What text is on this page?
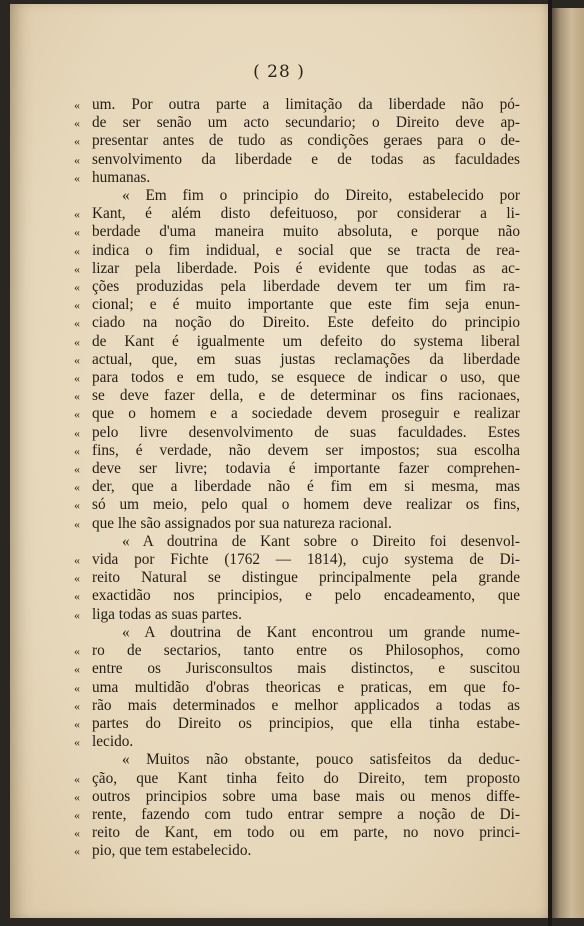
( 28 )
« um. Por outra parte a limitação da liberdade não pó-
« de ser senão um acto secundario; o Direito deve ap-
« presentar antes de tudo as condições geraes para o de-
« senvolvimento da liberdade e de todas as faculdades
« humanas.
« Em fim o principio do Direito, estabelecido por
« Kant, é além disto defeituoso, por considerar a li-
« berdade d'uma maneira muito absoluta, e porque não
« indica o fim indidual, e social que se tracta de rea-
« lizar pela liberdade. Pois é evidente que todas as ac-
« ções produzidas pela liberdade devem ter um fim ra-
« cional; e é muito importante que este fim seja enun-
« ciado na noção do Direito. Este defeito do principio
« de Kant é igualmente um defeito do systema liberal
« actual, que, em suas justas reclamações da liberdade
« para todos e em tudo, se esquece de indicar o uso, que
« se deve fazer della, e de determinar os fins racionaes,
« que o homem e a sociedade devem proseguir e realizar
« pelo livre desenvolvimento de suas faculdades. Estes
« fins, é verdade, não devem ser impostos; sua escolha
« deve ser livre; todavia é importante fazer comprehen-
« der, que a liberdade não é fim em si mesma, mas
« só um meio, pelo qual o homem deve realizar os fins,
« que lhe são assignados por sua natureza racional.
« A doutrina de Kant sobre o Direito foi desenvol-
« vida por Fichte (1762 — 1814), cujo systema de Di-
« reito Natural se distingue principalmente pela grande
« exactidão nos principios, e pelo encadeamento, que
« liga todas as suas partes.
« A doutrina de Kant encontrou um grande nume-
« ro de sectarios, tanto entre os Philosophos, como
« entre os Jurisconsultos mais distinctos, e suscitou
« uma multidão d'obras theoricas e praticas, em que fo-
« rão mais determinados e melhor applicados a todas as
« partes do Direito os principios, que ella tinha estabe-
« lecido.
« Muitos não obstante, pouco satisfeitos da deduc-
« ção, que Kant tinha feito do Direito, tem proposto
« outros principios sobre uma base mais ou menos diffe-
« rente, fazendo com tudo entrar sempre a noção de Di-
« reito de Kant, em todo ou em parte, no novo princi-
« pio, que tem estabelecido.
